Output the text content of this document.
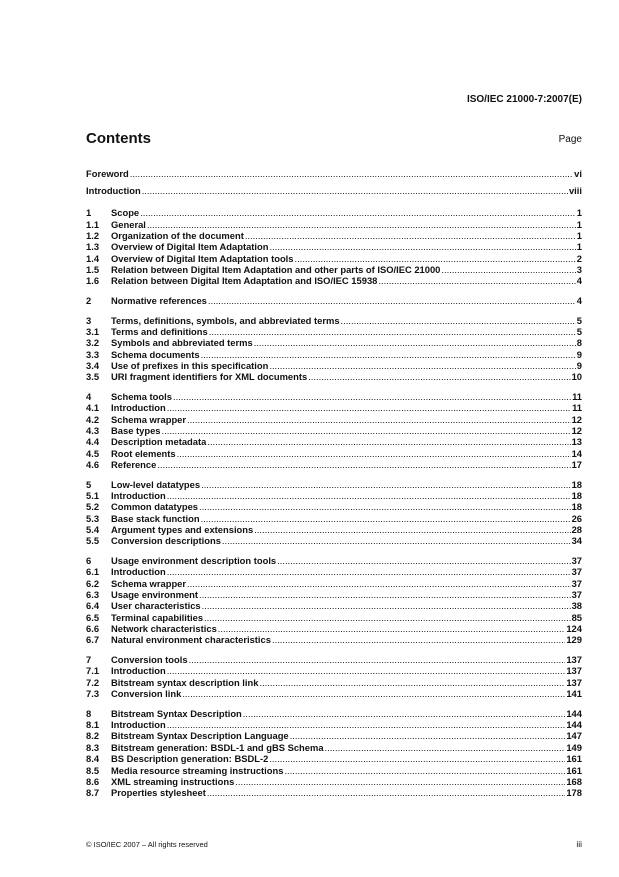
ISO/IEC 21000-7:2007(E)
Contents	Page
Foreword .....	vi
Introduction .....	viii
1	Scope .....	1
1.1	General .....	1
1.2	Organization of the document .....	1
1.3	Overview of Digital Item Adaptation .....	1
1.4	Overview of Digital Item Adaptation tools .....	2
1.5	Relation between Digital Item Adaptation and other parts of ISO/IEC 21000 .....	3
1.6	Relation between Digital Item Adaptation and ISO/IEC 15938 .....	4
2	Normative references .....	4
3	Terms, definitions, symbols, and abbreviated terms .....	5
3.1	Terms and definitions .....	5
3.2	Symbols and abbreviated terms .....	8
3.3	Schema documents .....	9
3.4	Use of prefixes in this specification .....	9
3.5	URI fragment identifiers for XML documents .....	10
4	Schema tools .....	11
4.1	Introduction .....	11
4.2	Schema wrapper .....	12
4.3	Base types .....	12
4.4	Description metadata .....	13
4.5	Root elements .....	14
4.6	Reference .....	17
5	Low-level datatypes .....	18
5.1	Introduction .....	18
5.2	Common datatypes .....	18
5.3	Base stack function .....	26
5.4	Argument types and extensions .....	28
5.5	Conversion descriptions .....	34
6	Usage environment description tools .....	37
6.1	Introduction .....	37
6.2	Schema wrapper .....	37
6.3	Usage environment .....	37
6.4	User characteristics .....	38
6.5	Terminal capabilities .....	85
6.6	Network characteristics .....	124
6.7	Natural environment characteristics .....	129
7	Conversion tools .....	137
7.1	Introduction .....	137
7.2	Bitstream syntax description link .....	137
7.3	Conversion link .....	141
8	Bitstream Syntax Description .....	144
8.1	Introduction .....	144
8.2	Bitstream Syntax Description Language .....	147
8.3	Bitstream generation: BSDL-1 and gBS Schema .....	149
8.4	BS Description generation: BSDL-2 .....	161
8.5	Media resource streaming instructions .....	161
8.6	XML streaming instructions .....	168
8.7	Properties stylesheet .....	178
© ISO/IEC 2007 – All rights reserved	iii
